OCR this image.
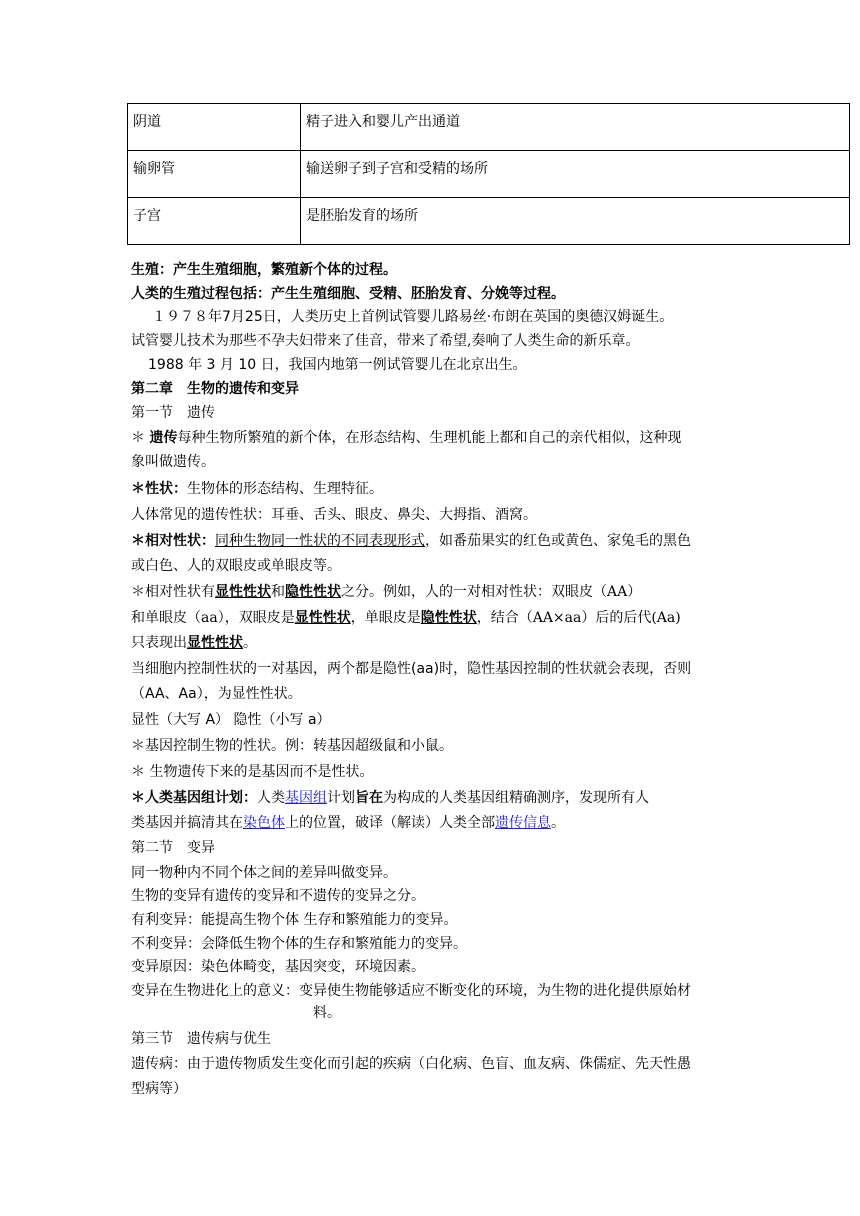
阴道	精子进入和婴儿产出通道
输卵管	输送卵子到子宫和受精的场所
子宫	是胚胎发育的场所
生殖：产生生殖细胞，繁殖新个体的过程。
人类的生殖过程包括：产生生殖细胞、受精、胚胎发育、分娩等过程。
１９７８年7月25日，人类历史上首例试管婴儿路易丝·布朗在英国的奥德汉姆诞生。
试管婴儿技术为那些不孕夫妇带来了佳音，带来了希望,奏响了人类生命的新乐章。
1988 年 3 月 10 日，我国内地第一例试管婴儿在北京出生。
第二章　生物的遗传和变异
第一节　遗传
＊ 遗传每种生物所繁殖的新个体，在形态结构、生理机能上都和自己的亲代相似，这种现
象叫做遗传。
＊性状：生物体的形态结构、生理特征。
人体常见的遗传性状：耳垂、舌头、眼皮、鼻尖、大拇指、酒窝。
＊相对性状：同种生物同一性状的不同表现形式，如番茄果实的红色或黄色、家兔毛的黑色
或白色、人的双眼皮或单眼皮等。
＊相对性状有显性性状和隐性性状之分。例如，人的一对相对性状：双眼皮（AA）
和单眼皮（aa），双眼皮是显性性状，单眼皮是隐性性状，结合（AA×aa）后的后代(Aa)
只表现出显性性状。
当细胞内控制性状的一对基因，两个都是隐性(aa)时，隐性基因控制的性状就会表现，否则
（AA、Aa），为显性性状。
显性（大写 A） 隐性（小写 a）
＊基因控制生物的性状。例：转基因超级鼠和小鼠。
＊ 生物遗传下来的是基因而不是性状。
＊人类基因组计划：人类基因组计划旨在为构成的人类基因组精确测序，发现所有人
类基因并搞清其在染色体上的位置，破译（解读）人类全部遗传信息。
第二节　变异
同一物种内不同个体之间的差异叫做变异。
生物的变异有遗传的变异和不遗传的变异之分。
有利变异：能提高生物个体 生存和繁殖能力的变异。
不利变异：会降低生物个体的生存和繁殖能力的变异。
变异原因：染色体畸变，基因突变，环境因素。
变异在生物进化上的意义：变异使生物能够适应不断变化的环境，为生物的进化提供原始材
料。
第三节　遗传病与优生
遗传病：由于遗传物质发生变化而引起的疾病（白化病、色盲、血友病、侏儒症、先天性愚
型病等）
